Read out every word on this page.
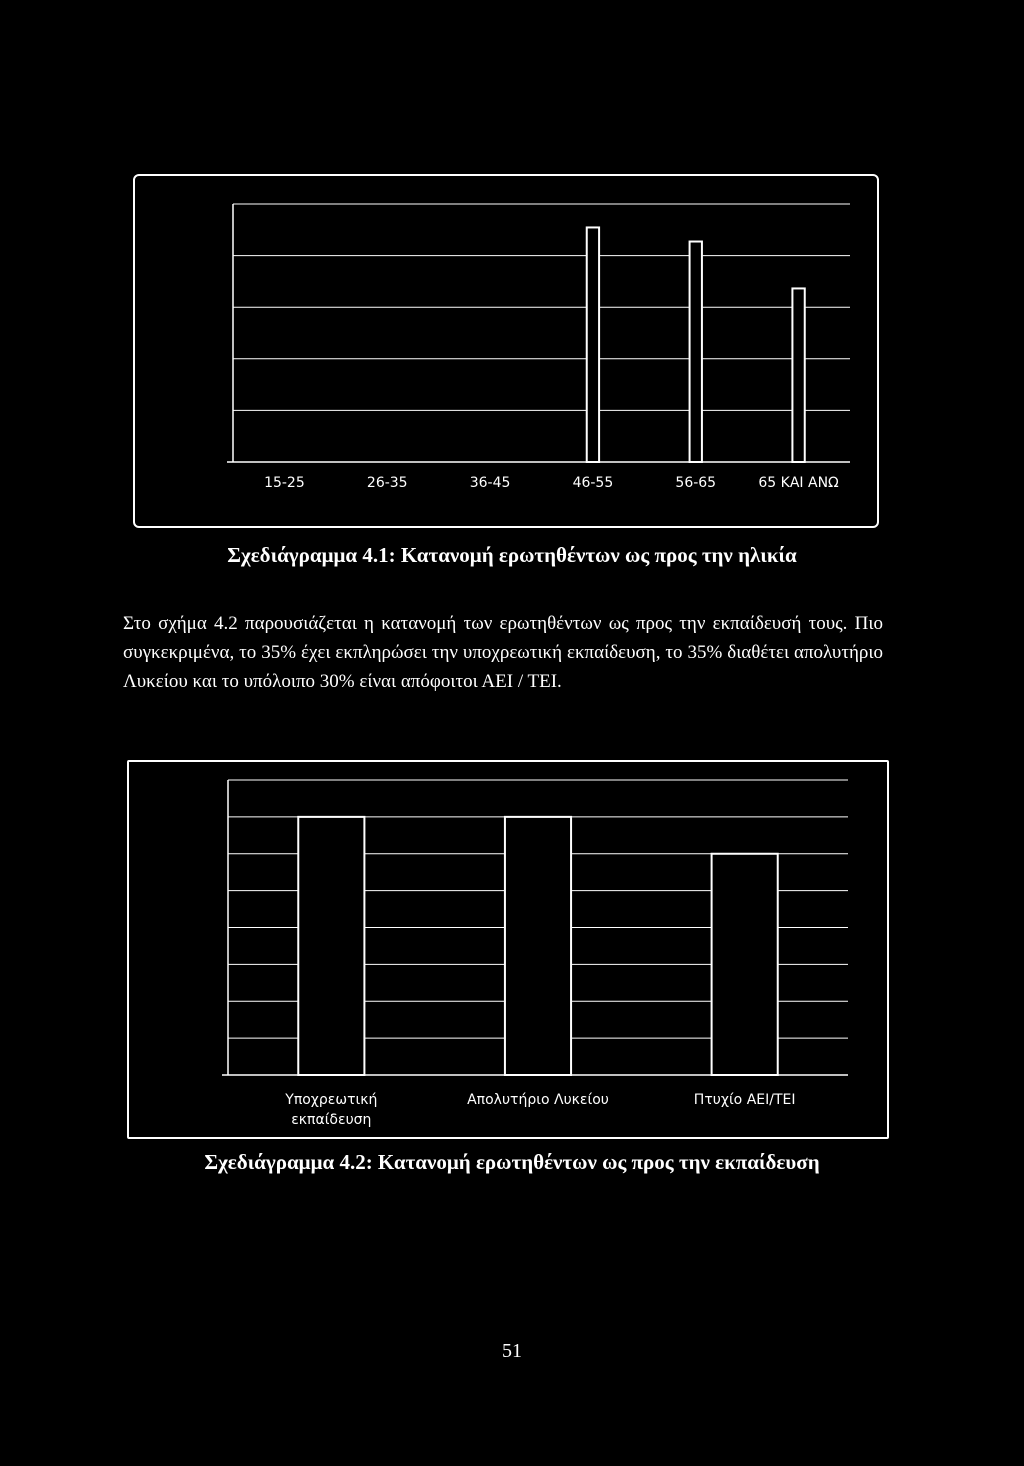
15-25	26-35	36-45	46-55	56-65	65 ΚΑΙ ΑΝΩ
Σχεδιάγραμμα 4.1: Κατανομή ερωτηθέντων ως προς την ηλικία
Στο σχήμα 4.2 παρουσιάζεται η κατανομή των ερωτηθέντων ως προς την εκπαίδευσή τους. Πιο συγκεκριμένα, το 35% έχει εκπληρώσει την υποχρεωτική εκπαίδευση, το 35% διαθέτει απολυτήριο Λυκείου και το υπόλοιπο 30% είναι απόφοιτοι ΑΕΙ / ΤΕΙ.
Υποχρεωτική εκπαίδευση
Απολυτήριο Λυκείου	Πτυχίο ΑΕΙ/ΤΕΙ
Σχεδιάγραμμα 4.2: Κατανομή ερωτηθέντων ως προς την εκπαίδευση
51
